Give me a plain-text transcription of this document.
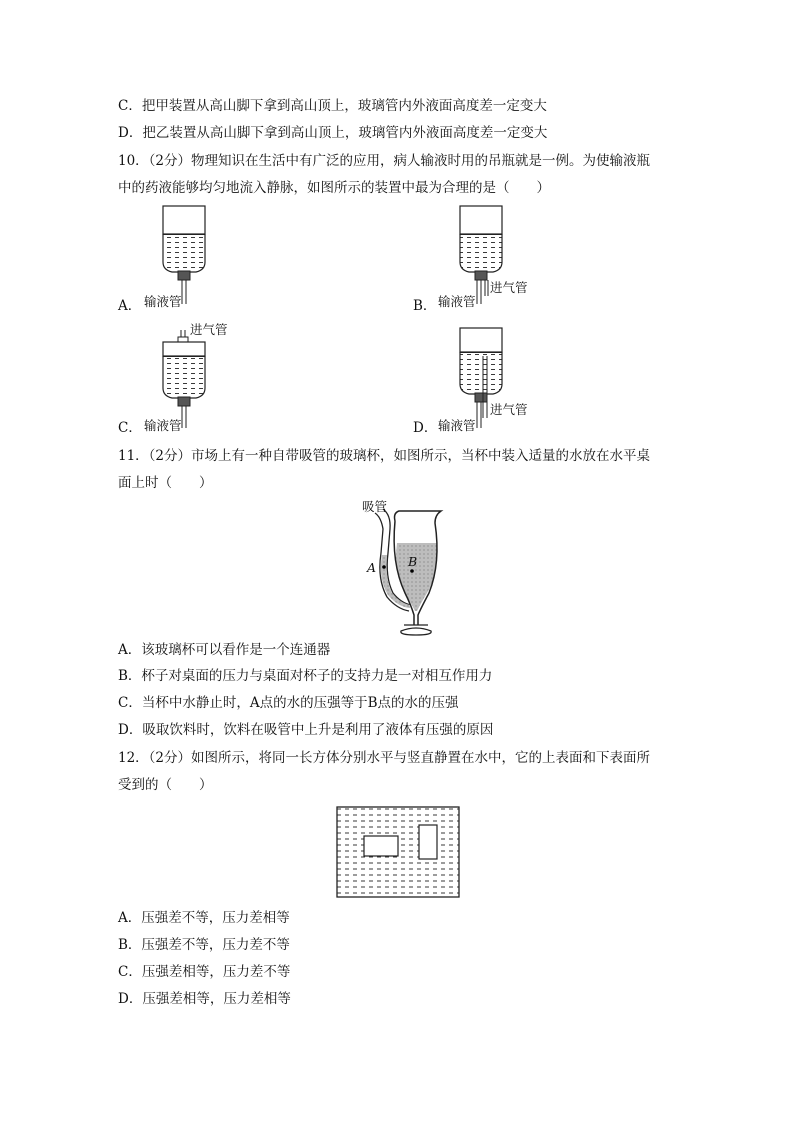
C．把甲装置从高山脚下拿到高山顶上，玻璃管内外液面高度差一定变大
D．把乙装置从高山脚下拿到高山顶上，玻璃管内外液面高度差一定变大
10．（2分）物理知识在生活中有广泛的应用，病人输液时用的吊瓶就是一例。为使输液瓶
中的药液能够均匀地流入静脉，如图所示的装置中最为合理的是（　　）
A． 输液管	B． 输液管
进气管
C．
进气管
输液管	D． 输液管
进气管
11．（2分）市场上有一种自带吸管的玻璃杯，如图所示，当杯中装入适量的水放在水平桌
面上时（　　）
吸管
A	B
A．该玻璃杯可以看作是一个连通器
B．杯子对桌面的压力与桌面对杯子的支持力是一对相互作用力
C．当杯中水静止时，A点的水的压强等于B点的水的压强
D．吸取饮料时，饮料在吸管中上升是利用了液体有压强的原因
12．（2分）如图所示，将同一长方体分别水平与竖直静置在水中，它的上表面和下表面所
受到的（　　）
A．压强差不等，压力差相等
B．压强差不等，压力差不等
C．压强差相等，压力差不等
D．压强差相等，压力差相等
